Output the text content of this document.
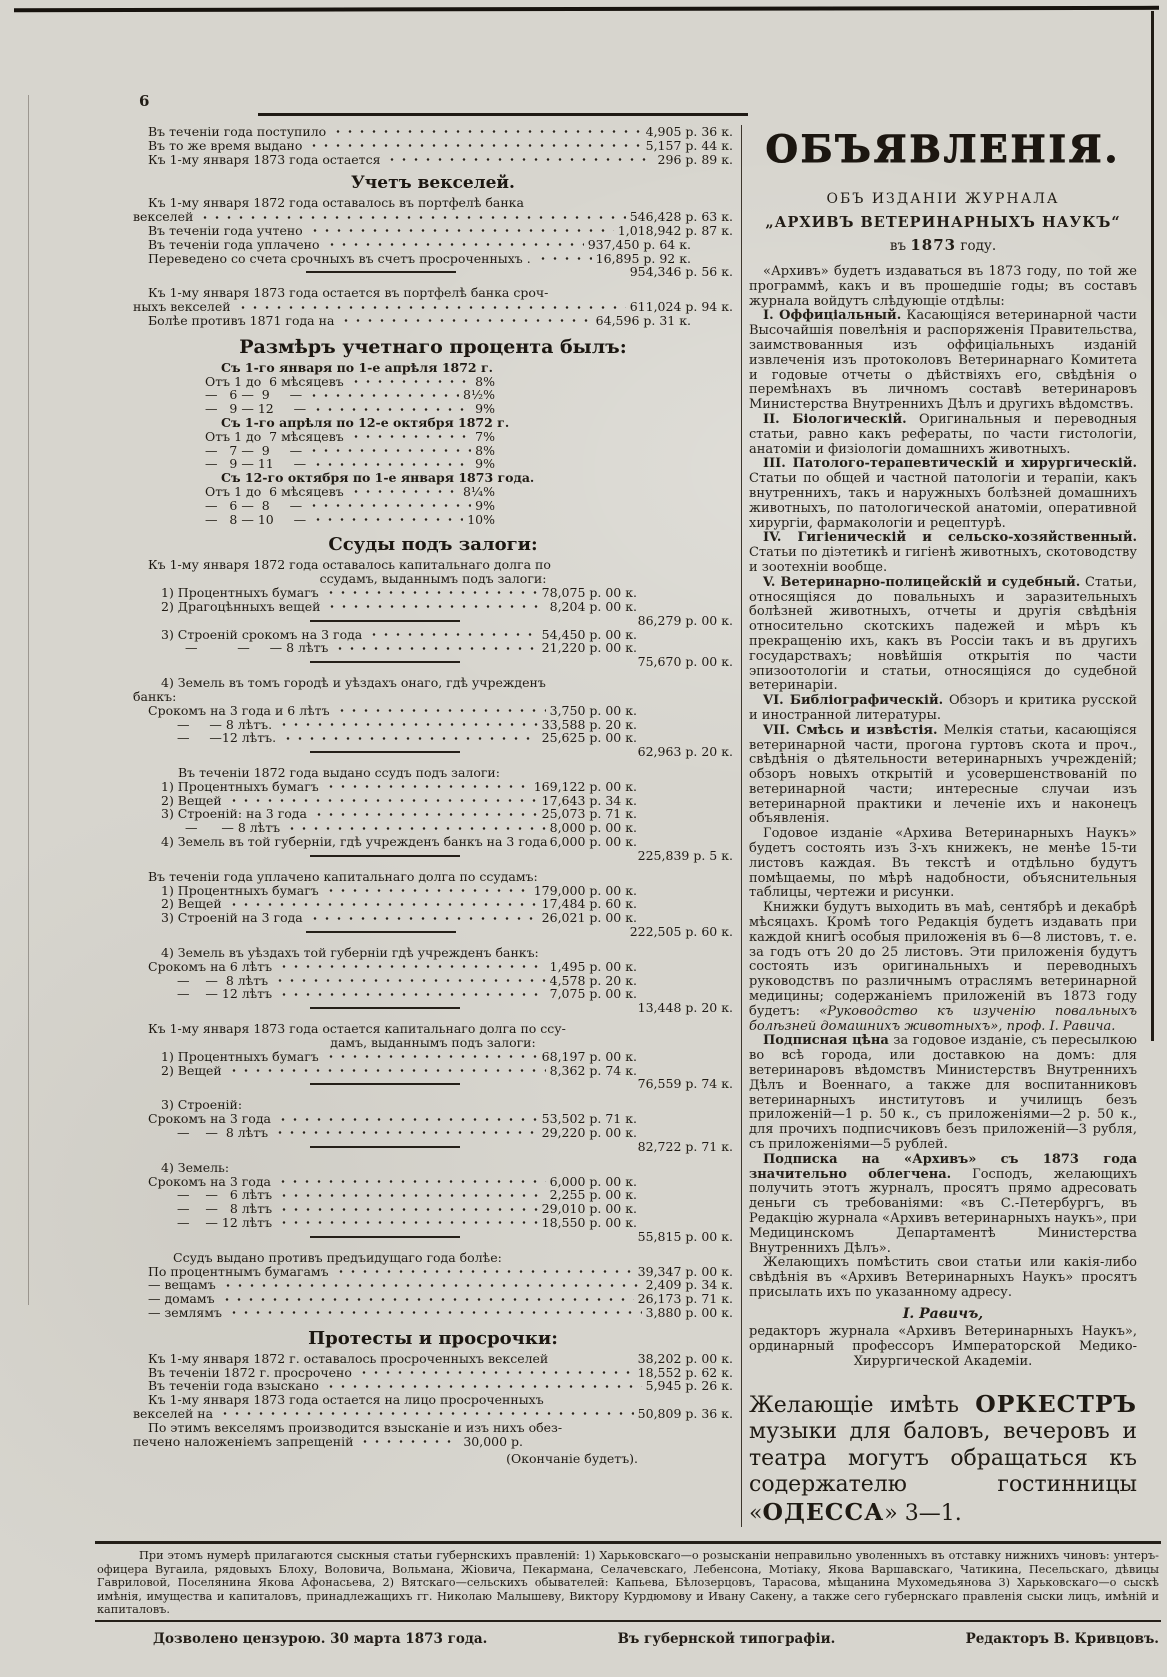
6
Въ теченіи года поступило	4,905 р. 36 к.
Въ то же время выдано	5,157 р. 44 к.
Къ 1-му января 1873 года остается	296 р. 89 к.
Учетъ векселей.
Къ 1-му января 1872 года оставалось въ портфелѣ банка
векселей	546,428 р. 63 к.
Въ теченіи года учтено	1,018,942 р. 87 к.
Въ теченіи года уплачено	937,450 р. 64 к.
Переведено со счета срочныхъ въ счетъ просроченныхъ .	16,895 р. 92 к.
954,346 р. 56 к.
Къ 1-му января 1873 года остается въ портфелѣ банка сроч-
ныхъ векселей	611,024 р. 94 к.
Болѣе противъ 1871 года на	64,596 р. 31 к.
Размѣръ учетнаго процента былъ:
Съ 1-го января по 1-е апрѣля 1872 г.
Отъ 1 до  6 мѣсяцевъ	8%
—   6 —  9     —	8½%
—   9 — 12     —	9%
Съ 1-го апрѣля по 12-е октября 1872 г.
Отъ 1 до  7 мѣсяцевъ	7%
—   7 —  9     —	8%
—   9 — 11     —	9%
Съ 12-го октября по 1-е января 1873 года.
Отъ 1 до  6 мѣсяцевъ	8¼%
—   6 —  8     —	9%
—   8 — 10     —	10%
Ссуды подъ залоги:
Къ 1-му января 1872 года оставалось капитальнаго долга по
ссудамъ, выданнымъ подъ залоги:
1) Процентныхъ бумагъ	78,075 р. 00 к.
2) Драгоцѣнныхъ вещей	8,204 р. 00 к.
86,279 р. 00 к.
3) Строеній срокомъ на 3 года	54,450 р. 00 к.
—          —     — 8 лѣтъ	21,220 р. 00 к.
75,670 р. 00 к.
4) Земель въ томъ городѣ и уѣздахъ онаго, гдѣ учрежденъ
банкъ:
Срокомъ на 3 года и 6 лѣтъ	3,750 р. 00 к.
—     — 8 лѣтъ.	33,588 р. 20 к.
—     —12 лѣтъ.	25,625 р. 00 к.
62,963 р. 20 к.
Въ теченіи 1872 года выдано ссудъ подъ залоги:
1) Процентныхъ бумагъ	169,122 р. 00 к.
2) Вещей	17,643 р. 34 к.
3) Строеній: на 3 года	25,073 р. 71 к.
—      — 8 лѣтъ	8,000 р. 00 к.
4) Земель въ той губерніи, гдѣ учрежденъ банкъ на 3 года 6,000 р. 00 к.
225,839 р. 5 к.
Въ теченіи года уплачено капитальнаго долга по ссудамъ:
1) Процентныхъ бумагъ	179,000 р. 00 к.
2) Вещей	17,484 р. 60 к.
3) Строеній на 3 года	26,021 р. 00 к.
222,505 р. 60 к.
4) Земель въ уѣздахъ той губерніи гдѣ учрежденъ банкъ:
Срокомъ на 6 лѣтъ	1,495 р. 00 к.
—    —  8 лѣтъ	4,578 р. 20 к.
—    — 12 лѣтъ	7,075 р. 00 к.
13,448 р. 20 к.
Къ 1-му января 1873 года остается капитальнаго долга по ссу-
дамъ, выданнымъ подъ залоги:
1) Процентныхъ бумагъ	68,197 р. 00 к.
2) Вещей	8,362 р. 74 к.
76,559 р. 74 к.
3) Строеній:
Срокомъ на 3 года	53,502 р. 71 к.
—    —  8 лѣтъ	29,220 р. 00 к.
82,722 р. 71 к.
4) Земель:
Срокомъ на 3 года	6,000 р. 00 к.
—    —   6 лѣтъ	2,255 р. 00 к.
—    —   8 лѣтъ	29,010 р. 00 к.
—    — 12 лѣтъ	18,550 р. 00 к.
55,815 р. 00 к.
Ссудъ выдано противъ предъидущаго года болѣе:
По процентнымъ бумагамъ	39,347 р. 00 к.
— вещамъ	2,409 р. 34 к.
— домамъ	26,173 р. 71 к.
— землямъ	3,880 р. 00 к.
Протесты и просрочки:
Къ 1-му января 1872 г. оставалось просроченныхъ векселей	38,202 р. 00 к.
Въ теченіи 1872 г. просрочено	18,552 р. 62 к.
Въ теченіи года взыскано	5,945 р. 26 к.
Къ 1-му января 1873 года остается на лицо просроченныхъ
векселей на	50,809 р. 36 к.
По этимъ векселямъ производится взысканіе и изъ нихъ обез-
печено наложеніемъ запрещеній	30,000 р.
(Окончаніе будетъ).
ОБЪЯВЛЕНІЯ.
ОБЪ ИЗДАНІИ ЖУРНАЛА
„АРХИВЪ ВЕТЕРИНАРНЫХЪ НАУКЪ“
въ 1873 году.

«Архивъ» будетъ издаваться въ 1873 году, по той же программѣ, какъ и въ прошедшіе годы; въ составъ журнала войдутъ слѣдующіе отдѣлы:

I. Оффиціальный. Касающіяся ветеринарной части Высочайшія повелѣнія и распоряженія Правительства, заимствованныя изъ оффиціальныхъ изданій извлеченія изъ протоколовъ Ветеринарнаго Комитета и годовые отчеты о дѣйствіяхъ его, свѣдѣнія о перемѣнахъ въ личномъ составѣ ветеринаровъ Министерства Внутреннихъ Дѣлъ и другихъ вѣдомствъ.

II. Біологическій. Оригинальныя и переводныя статьи, равно какъ рефераты, по части гистологіи, анатоміи и физіологіи домашнихъ животныхъ.

III. Патолого-терапевтическій и хирургическій. Статьи по общей и частной патологіи и терапіи, какъ внутреннихъ, такъ и наружныхъ болѣзней домашнихъ животныхъ, по патологической анатоміи, оперативной хирургіи, фармакологіи и рецептурѣ.

IV. Гигіеническій и сельско-хозяйственный. Статьи по діэтетикѣ и гигіенѣ животныхъ, скотоводству и зоотехніи вообще.

V. Ветеринарно-полицейскій и судебный. Статьи, относящіяся до повальныхъ и заразительныхъ болѣзней животныхъ, отчеты и другія свѣдѣнія относительно скотскихъ падежей и мѣръ къ прекращенію ихъ, какъ въ Россіи такъ и въ другихъ государствахъ; новѣйшія открытія по части эпизоотологіи и статьи, относящіяся до судебной ветеринаріи.

VI. Библіографическій. Обзоръ и критика русской и иностранной литературы.

VII. Смѣсь и извѣстія. Мелкія статьи, касающіяся ветеринарной части, прогона гуртовъ скота и проч., свѣдѣнія о дѣятельности ветеринарныхъ учрежденій; обзоръ новыхъ открытій и усовершенствованій по ветеринарной части; интересные случаи изъ ветеринарной практики и леченіе ихъ и наконецъ объявленія.

Годовое изданіе «Архива Ветеринарныхъ Наукъ» будетъ состоять изъ 3-хъ книжекъ, не менѣе 15-ти листовъ каждая. Въ текстѣ и отдѣльно будутъ помѣщаемы, по мѣрѣ надобности, объяснительныя таблицы, чертежи и рисунки.

Книжки будутъ выходить въ маѣ, сентябрѣ и декабрѣ мѣсяцахъ. Кромѣ того Редакція будетъ издавать при каждой книгѣ особыя приложенія въ 6—8 листовъ, т. е. за годъ отъ 20 до 25 листовъ. Эти приложенія будутъ состоять изъ оригинальныхъ и переводныхъ руководствъ по различнымъ отраслямъ ветеринарной медицины; содержаніемъ приложеній въ 1873 году будетъ: «Руководство къ изученію повальныхъ болѣзней домашнихъ животныхъ», проф. І. Равича.

Подписная цѣна за годовое изданіе, съ пересылкою во всѣ города, или доставкою на домъ: для ветеринаровъ вѣдомствъ Министерствъ Внутреннихъ Дѣлъ и Военнаго, а также для воспитанниковъ ветеринарныхъ институтовъ и училищъ безъ приложеній—1 р. 50 к., съ приложеніями—2 р. 50 к., для прочихъ подписчиковъ безъ приложеній—3 рубля, съ приложеніями—5 рублей.

Подписка на «Архивъ» съ 1873 года значительно облегчена. Господъ, желающихъ получить этотъ журналъ, просятъ прямо адресовать деньги съ требованіями: «въ С.-Петербургъ, въ Редакцію журнала «Архивъ ветеринарныхъ наукъ», при Медицинскомъ Департаментѣ Министерства Внутреннихъ Дѣлъ».

Желающихъ помѣстить свои статьи или какія-либо свѣдѣнія въ «Архивъ Ветеринарныхъ Наукъ» просятъ присылать ихъ по указанному адресу.

І. Равичъ,
редакторъ журнала «Архивъ Ветеринарныхъ Наукъ», ординарный профессоръ Императорской Медико-Хирургической Академіи.

Желающіе имѣть ОРКЕСТРЪ музыки для баловъ, вечеровъ и театра могутъ обращаться къ содержателю гостинницы «ОДЕССА» 3—1.

При этомъ нумерѣ прилагаются сыскныя статьи губернскихъ правленій: 1) Харьковскаго—о розысканіи неправильно уволенныхъ въ отставку нижнихъ чиновъ: унтеръ-офицера Вугаила, рядовыхъ Блоху, Воловича, Вольмана, Жіовича, Пекармана, Селачевскаго, Лебенсона, Мотіаку, Якова Варшавскаго, Чатикина, Песельскаго, дѣвицы Гавриловой, Поселянина Якова Афонасьева, 2) Вятскаго—сельскихъ обывателей: Капьева, Бѣлозерцовъ, Тарасова, мѣщанина Мухомедьянова 3) Харьковскаго—о сыскѣ имѣнія, имущества и капиталовъ, принадлежащихъ гг. Николаю Малышеву, Виктору Курдюмову и Ивану Сакену, а также сего губернскаго правленія сыски лицъ, имѣній и капиталовъ.
Дозволено цензурою. 30 марта 1873 года.	Въ губернской типографіи.	Редакторъ В. Кривцовъ.
